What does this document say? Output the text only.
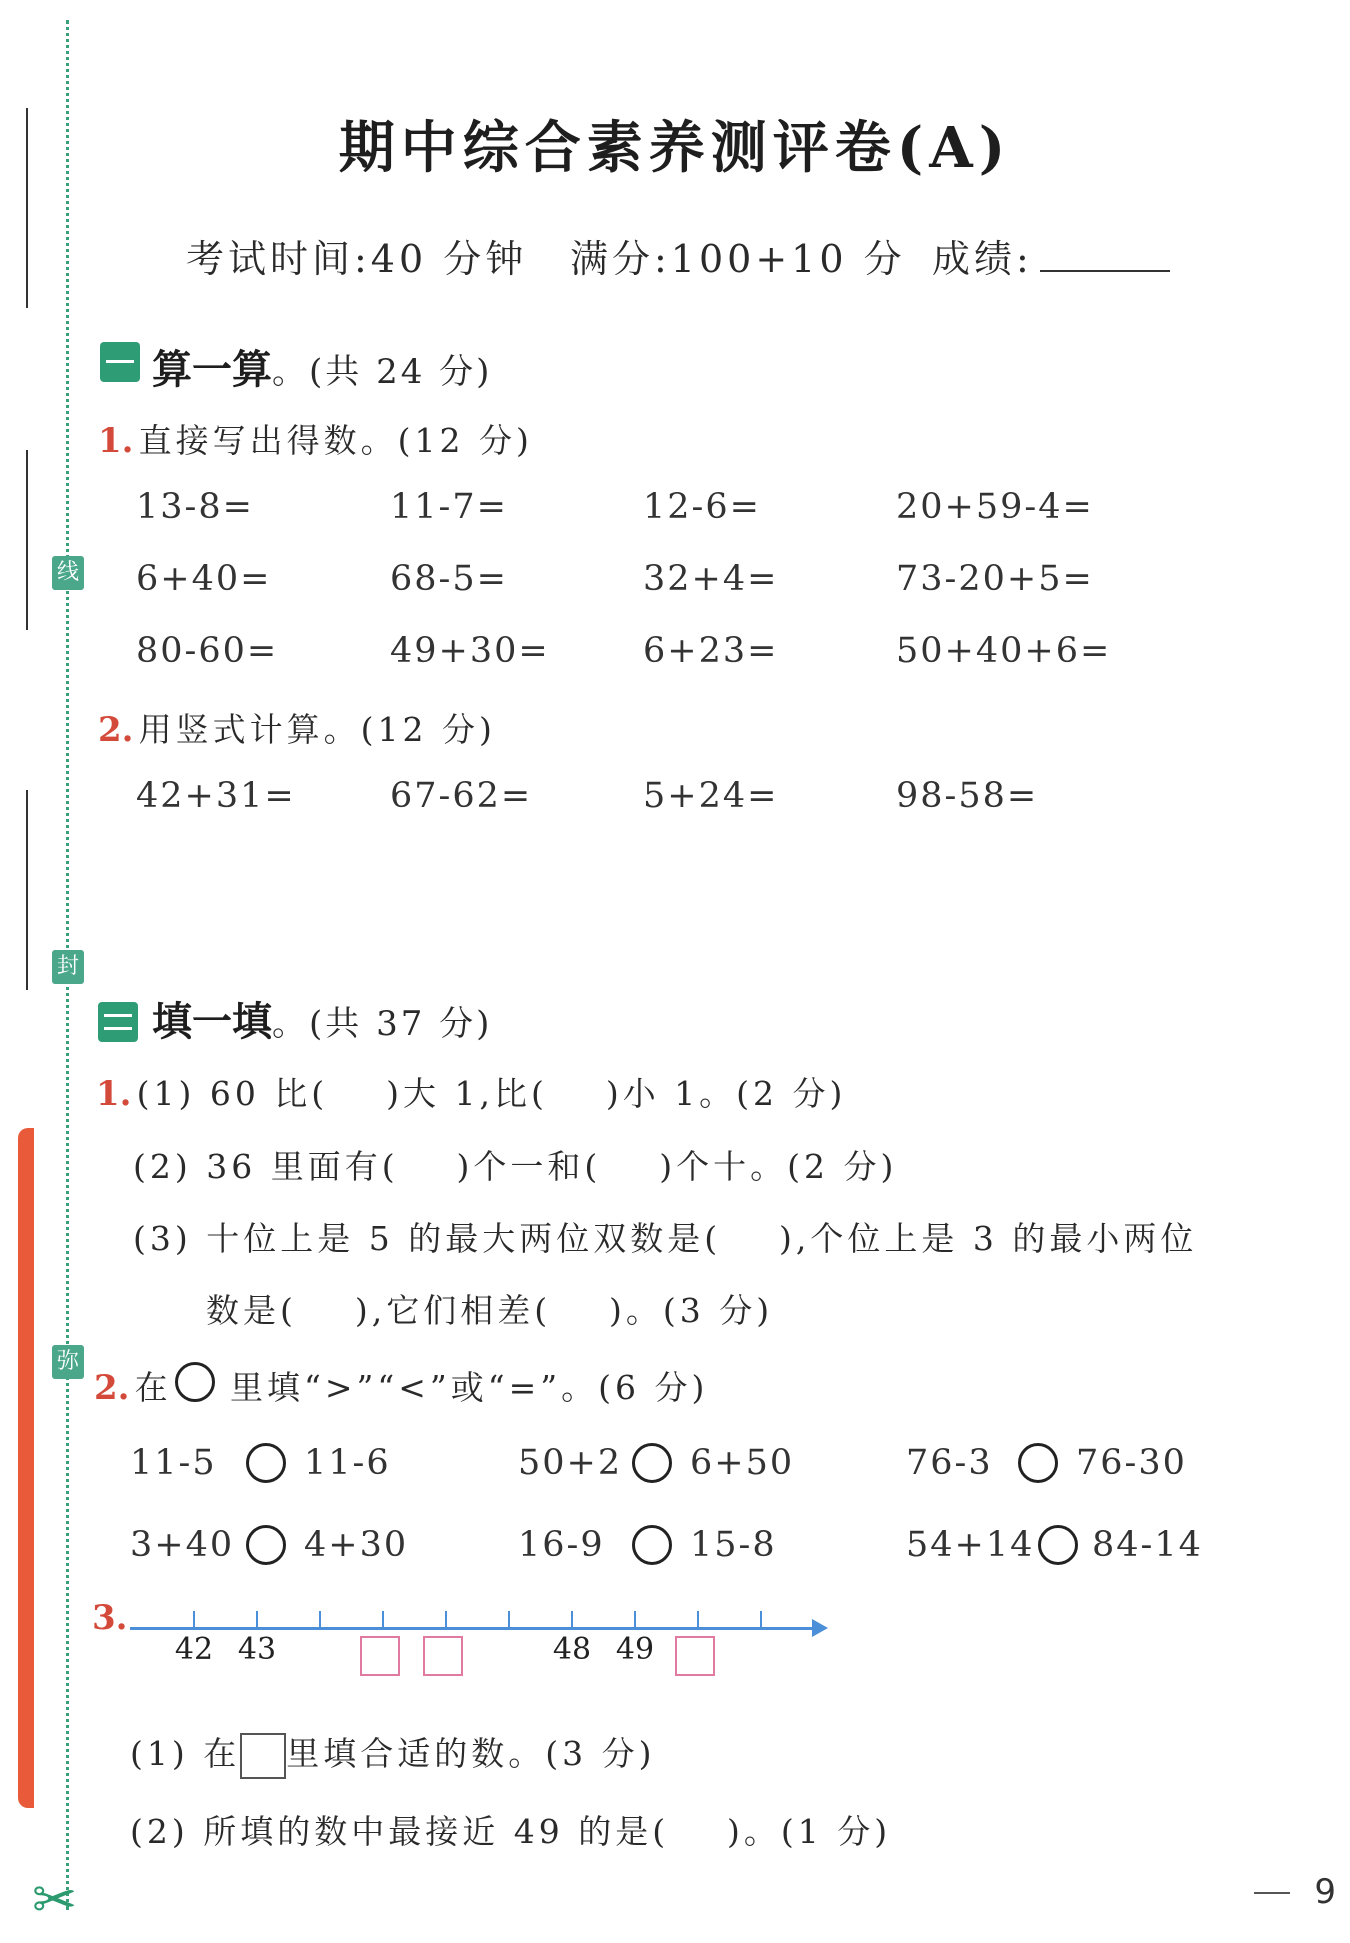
线
封
弥
✂
期中综合素养测评卷(A)
考试时间:40 分钟 满分:100+10 分 成绩:
算一算。(共 24 分)
1. 直接写出得数。(12 分)
13-8=	11-7=	12-6=	20+59-4=
6+40=	68-5=	32+4=	73-20+5=
80-60=	49+30=	6+23=	50+40+6=
2. 用竖式计算。(12 分)
42+31=	67-62=	5+24=	98-58=
填一填。(共 37 分)
1. (1) 60 比(    )大 1,比(    )小 1。(2 分)
(2) 36 里面有(    )个一和(    )个十。(2 分)
(3) 十位上是 5 的最大两位双数是(    ),个位上是 3 的最小两位
数是(    ),它们相差(    )。(3 分)
2. 在 里填“>”“<”或“=”。(6 分)
11-5 11-6	50+2 6+50	76-3 76-30
3+40 4+30	16-9 15-8	54+14 84-14
3.
42 43	48 49
(1) 在 里填合适的数。(3 分)
(2) 所填的数中最接近 49 的是(    )。(1 分)
9
